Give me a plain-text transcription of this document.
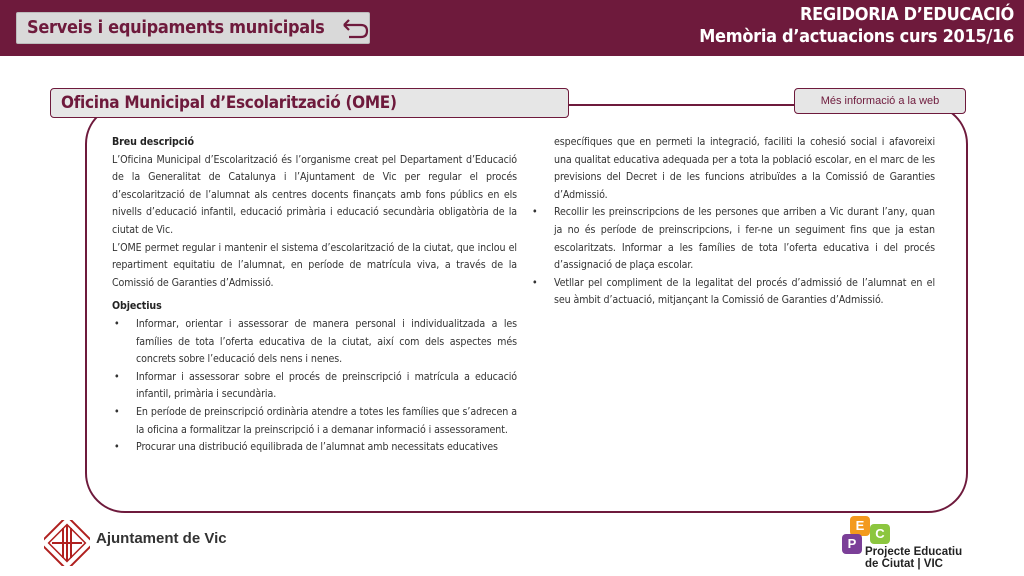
Serveis i equipaments municipals
REGIDORIA D’EDUCACIÓ
Memòria d’actuacions curs 2015/16
Oficina Municipal d’Escolarització (OME)	Més informació a la web
Breu descripció
L’Oficina Municipal d’Escolarització és l’organisme creat pel Departament d’Educació de la Generalitat de Catalunya i l’Ajuntament de Vic per regular el procés d’escolarització de l’alumnat als centres docents finançats amb fons públics en els nivells d’educació infantil, educació primària i educació secundària obligatòria de la ciutat de Vic.
L’OME permet regular i mantenir el sistema d’escolarització de la ciutat, que inclou el repartiment equitatiu de l’alumnat, en període de matrícula viva, a través de la Comissió de Garanties d’Admissió.
Objectius
• Informar, orientar i assessorar de manera personal i individualitzada a les famílies de tota l’oferta educativa de la ciutat, així com dels aspectes més concrets sobre l’educació dels nens i nenes.
• Informar i assessorar sobre el procés de preinscripció i matrícula a educació infantil, primària i secundària.
• En període de preinscripció ordinària atendre a totes les famílies que s’adrecen a la oficina a formalitzar la preinscripció i a demanar informació i assessorament.
• Procurar una distribució equilibrada de l’alumnat amb necessitats educatives
específiques que en permeti la integració, faciliti la cohesió social i afavoreixi una qualitat educativa adequada per a tota la població escolar, en el marc de les previsions del Decret i de les funcions atribuïdes a la Comissió de Garanties d’Admissió.
• Recollir les preinscripcions de les persones que arriben a Vic durant l’any, quan ja no és període de preinscripcions, i fer-ne un seguiment fins que ja estan escolaritzats. Informar a les famílies de tota l’oferta educativa i del procés d’assignació de plaça escolar.
• Vetllar pel compliment de la legalitat del procés d’admissió de l’alumnat en el seu àmbit d’actuació, mitjançant la Comissió de Garanties d’Admissió.
Ajuntament de Vic
E
C
P
Projecte Educatiu
de Ciutat | VIC
